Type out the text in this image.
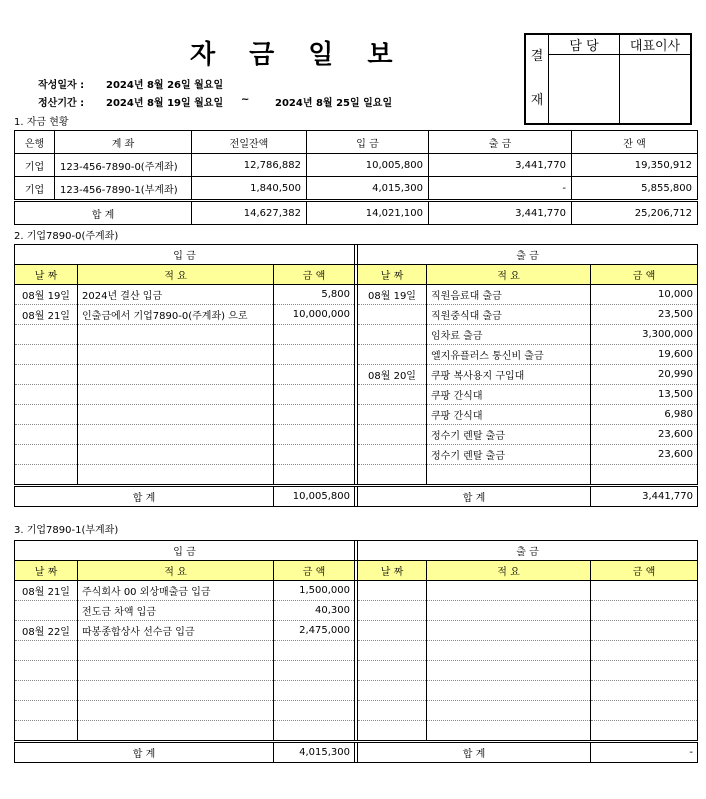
자 금 일 보
작성일자 : 2024년 8월 26일 월요일
정산기간 : 2024년 8월 19일 월요일 ~	2024년 8월 25일 일요일
결
재	담 당	대표이사

1. 자금 현황
은행	계 좌	전일잔액	입 금	출 금	잔 액
기업	123-456-7890-0(주계좌)	12,786,882	10,005,800	3,441,770	19,350,912
기업	123-456-7890-1(부계좌)	1,840,500	4,015,300	-	5,855,800
합 계		14,627,382	14,021,100	3,441,770	25,206,712
2. 기업7890-0(주계좌)
입 금				출 금		
날 짜	적 요	금 액		날 짜	적 요	금 액
08월 19일	2024년 결산 입금	5,800		08월 19일	직원음료대 출금	10,000
08월 21일	인출금에서 기업7890-0(주계좌) 으로	10,000,000			직원중식대 출금	23,500
					임차료 출금	3,300,000
					엘지유플러스 통신비 출금	19,600
				08월 20일	쿠팡 복사용지 구입대	20,990
					쿠팡 간식대	13,500
					쿠팡 간식대	6,980
					정수기 렌탈 출금	23,600
					정수기 렌탈 출금	23,600

합 계		10,005,800		합 계		3,441,770
3. 기업7890-1(부계좌)
입 금				출 금		
날 짜	적 요	금 액		날 짜	적 요	금 액
08월 21일	주식회사 00 외상매출금 입금	1,500,000				
	전도금 차액 입금	40,300				
08월 22일	따봉종합상사 선수금 입금	2,475,000				

합 계		4,015,300		합 계		-
